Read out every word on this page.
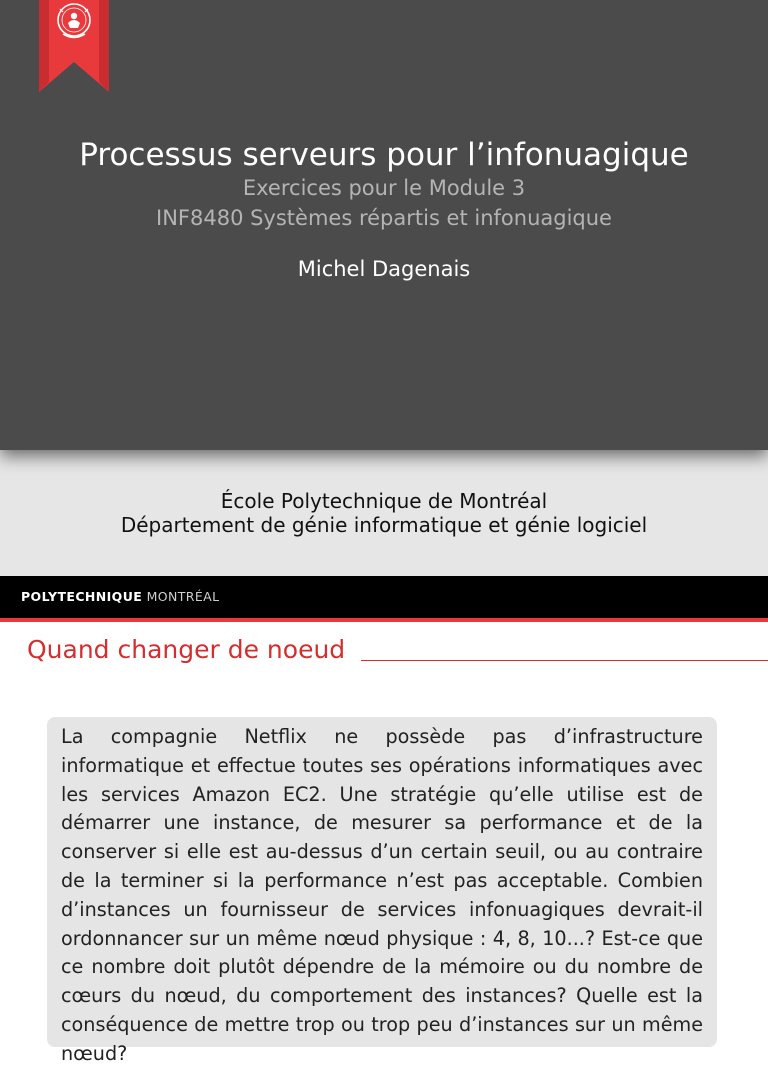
Processus serveurs pour l’infonuagique
Exercices pour le Module 3
INF8480 Systèmes répartis et infonuagique
Michel Dagenais
École Polytechnique de Montréal
Département de génie informatique et génie logiciel
POLYTECHNIQUE MONTRÉAL
Quand changer de noeud

La compagnie Netflix ne possède pas d’infrastructure informatique et effectue toutes ses opérations informatiques avec les services Amazon EC2. Une stratégie qu’elle utilise est de démarrer une instance, de mesurer sa performance et de la conserver si elle est au-dessus d’un certain seuil, ou au contraire de la terminer si la performance n’est pas acceptable. Combien d’instances un fournisseur de services infonuagiques devrait-il ordonnancer sur un même nœud physique : 4, 8, 10...? Est-ce que ce nombre doit plutôt dépendre de la mémoire ou du nombre de cœurs du nœud, du comportement des instances? Quelle est la conséquence de mettre trop ou trop peu d’instances sur un même nœud?
